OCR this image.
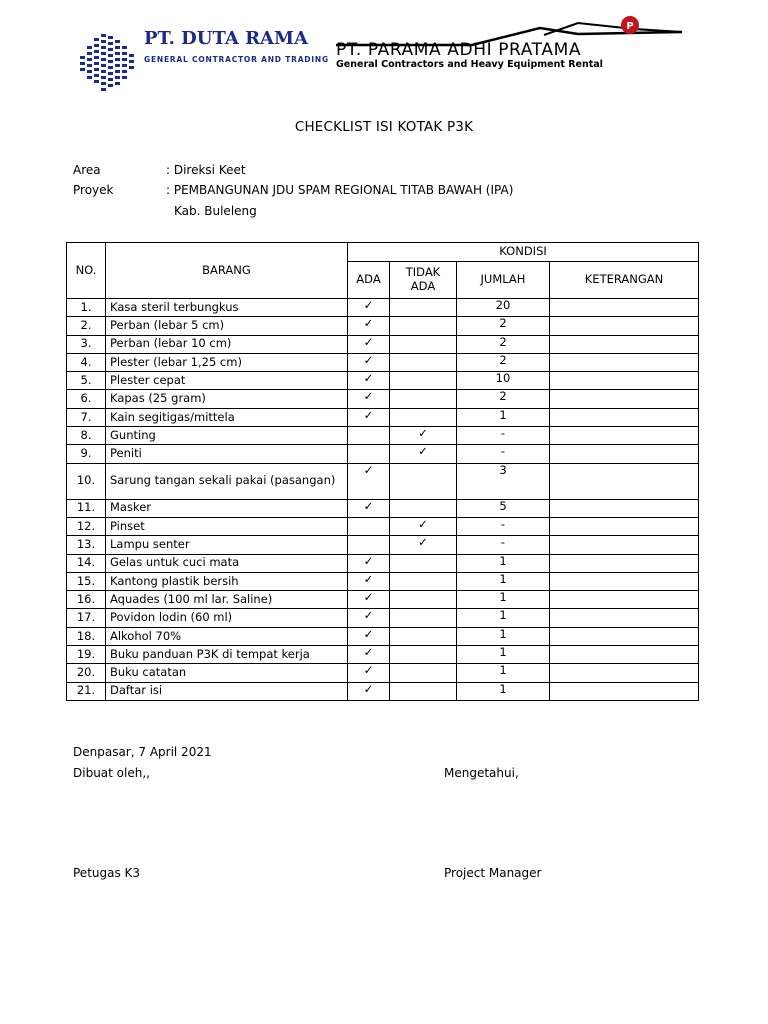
PT. DUTA RAMA
GENERAL CONTRACTOR AND TRADING
P
PT. PARAMA ADHI PRATAMA
General Contractors and Heavy Equipment Rental
CHECKLIST ISI KOTAK P3K
Area	: Direksi Keet
Proyek	: PEMBANGUNAN JDU SPAM REGIONAL TITAB BAWAH (IPA)
Kab. Buleleng
NO.	BARANG	KONDISI			
		ADA	TIDAK ADA	JUMLAH	KETERANGAN
1.	Kasa steril terbungkus	✓		20	
2.	Perban (lebar 5 cm)	✓		2	
3.	Perban (lebar 10 cm)	✓		2	
4.	Plester (lebar 1,25 cm)	✓		2	
5.	Plester cepat	✓		10	
6.	Kapas (25 gram)	✓		2	
7.	Kain segitigas/mittela	✓		1	
8.	Gunting		✓	-	
9.	Peniti		✓	-	
10.	Sarung tangan sekali pakai (pasangan)	✓		3	
11.	Masker	✓		5	
12.	Pinset		✓	-	
13.	Lampu senter		✓	-	
14.	Gelas untuk cuci mata	✓		1	
15.	Kantong plastik bersih	✓		1	
16.	Aquades (100 ml lar. Saline)	✓		1	
17.	Povidon lodin (60 ml)	✓		1	
18.	Alkohol 70%	✓		1	
19.	Buku panduan P3K di tempat kerja	✓		1	
20.	Buku catatan	✓		1	
21.	Daftar isi	✓		1	
Denpasar, 7 April 2021
Dibuat oleh,,	Mengetahui,
Petugas K3	Project Manager
